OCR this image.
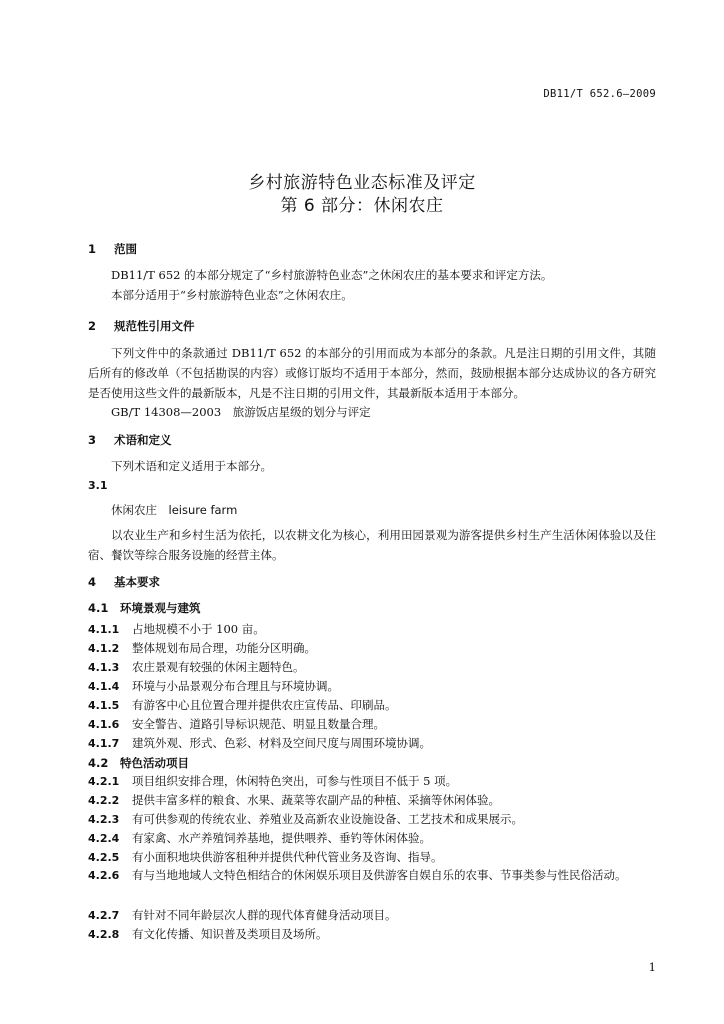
DB11/T 652.6—2009
乡村旅游特色业态标准及评定
第 6 部分：休闲农庄
1 范围
DB11/T 652 的本部分规定了“乡村旅游特色业态”之休闲农庄的基本要求和评定方法。
本部分适用于“乡村旅游特色业态”之休闲农庄。
2 规范性引用文件
下列文件中的条款通过 DB11/T 652 的本部分的引用而成为本部分的条款。凡是注日期的引用文件，其随后所有的修改单（不包括勘误的内容）或修订版均不适用于本部分，然而，鼓励根据本部分达成协议的各方研究是否使用这些文件的最新版本，凡是不注日期的引用文件，其最新版本适用于本部分。
GB/T 14308—2003　旅游饭店星级的划分与评定
3 术语和定义
下列术语和定义适用于本部分。
3.1
休闲农庄　leisure farm
以农业生产和乡村生活为依托，以农耕文化为核心，利用田园景观为游客提供乡村生产生活休闲体验以及住宿、餐饮等综合服务设施的经营主体。
4 基本要求
4.1 环境景观与建筑
4.1.1 占地规模不小于 100 亩。
4.1.2 整体规划布局合理，功能分区明确。
4.1.3 农庄景观有较强的休闲主题特色。
4.1.4 环境与小品景观分布合理且与环境协调。
4.1.5 有游客中心且位置合理并提供农庄宣传品、印刷品。
4.1.6 安全警告、道路引导标识规范、明显且数量合理。
4.1.7 建筑外观、形式、色彩、材料及空间尺度与周围环境协调。
4.2 特色活动项目
4.2.1 项目组织安排合理，休闲特色突出，可参与性项目不低于 5 项。
4.2.2 提供丰富多样的粮食、水果、蔬菜等农副产品的种植、采摘等休闲体验。
4.2.3 有可供参观的传统农业、养殖业及高新农业设施设备、工艺技术和成果展示。
4.2.4 有家禽、水产养殖饲养基地，提供喂养、垂钓等休闲体验。
4.2.5 有小面积地块供游客租种并提供代种代管业务及咨询、指导。
4.2.6 有与当地地域人文特色相结合的休闲娱乐项目及供游客自娱自乐的农事、节事类参与性民俗活动。
4.2.7 有针对不同年龄层次人群的现代体育健身活动项目。
4.2.8 有文化传播、知识普及类项目及场所。
1
